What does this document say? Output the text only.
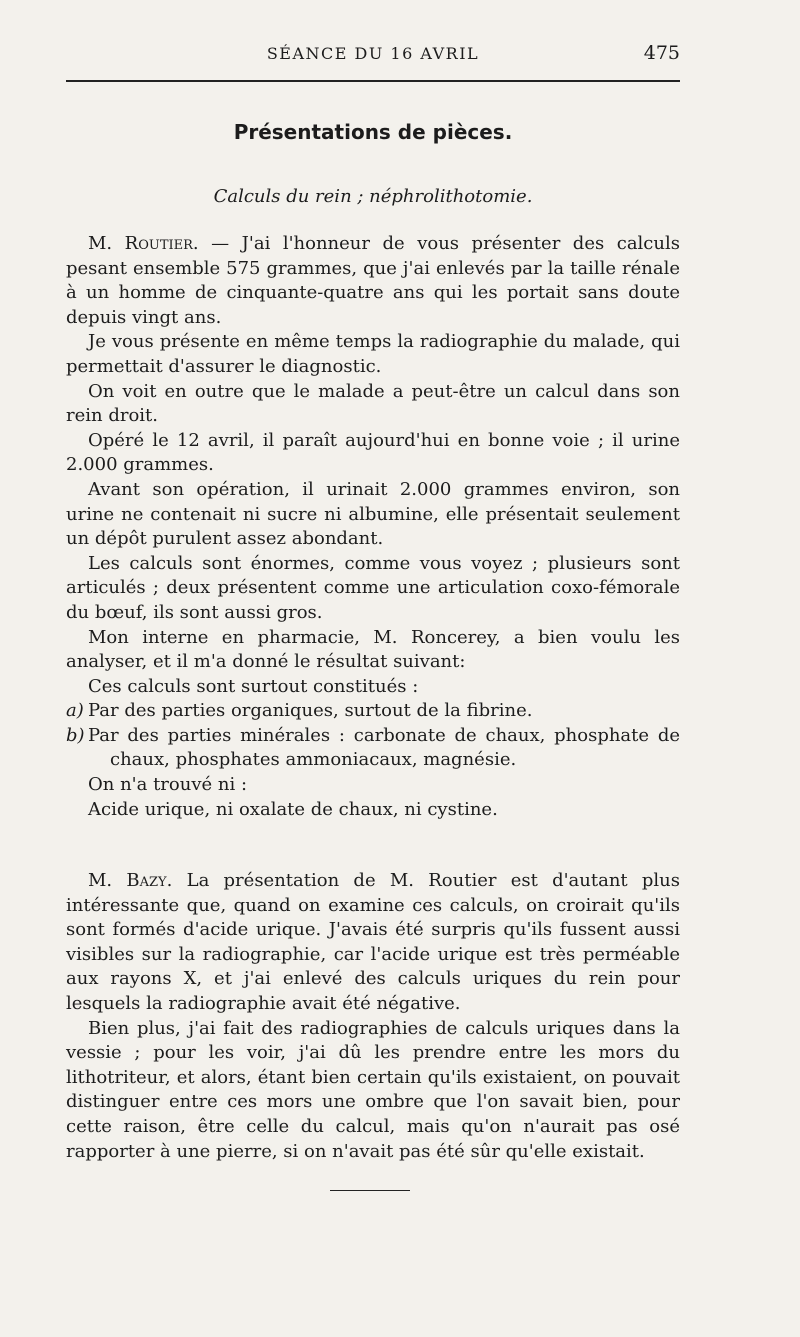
SÉANCE DU 16 AVRIL	475
Présentations de pièces.
Calculs du rein ; néphrolithotomie.

M. Routier. — J'ai l'honneur de vous présenter des calculs pesant ensemble 575 grammes, que j'ai enlevés par la taille rénale à un homme de cinquante-quatre ans qui les portait sans doute depuis vingt ans.

Je vous présente en même temps la radiographie du malade, qui permettait d'assurer le diagnostic.

On voit en outre que le malade a peut-être un calcul dans son rein droit.

Opéré le 12 avril, il paraît aujourd'hui en bonne voie ; il urine 2.000 grammes.

Avant son opération, il urinait 2.000 grammes environ, son urine ne contenait ni sucre ni albumine, elle présentait seulement un dépôt purulent assez abondant.

Les calculs sont énormes, comme vous voyez ; plusieurs sont articulés ; deux présentent comme une articulation coxo-fémorale du bœuf, ils sont aussi gros.

Mon interne en pharmacie, M. Roncerey, a bien voulu les analyser, et il m'a donné le résultat suivant:

Ces calculs sont surtout constitués :

a) Par des parties organiques, surtout de la fibrine.

b) Par des parties minérales : carbonate de chaux, phosphate de chaux, phosphates ammoniacaux, magnésie.

On n'a trouvé ni :

Acide urique, ni oxalate de chaux, ni cystine.

M. Bazy. La présentation de M. Routier est d'autant plus intéressante que, quand on examine ces calculs, on croirait qu'ils sont formés d'acide urique. J'avais été surpris qu'ils fussent aussi visibles sur la radiographie, car l'acide urique est très perméable aux rayons X, et j'ai enlevé des calculs uriques du rein pour lesquels la radiographie avait été négative.

Bien plus, j'ai fait des radiographies de calculs uriques dans la vessie ; pour les voir, j'ai dû les prendre entre les mors du lithotriteur, et alors, étant bien certain qu'ils existaient, on pouvait distinguer entre ces mors une ombre que l'on savait bien, pour cette raison, être celle du calcul, mais qu'on n'aurait pas osé rapporter à une pierre, si on n'avait pas été sûr qu'elle existait.
